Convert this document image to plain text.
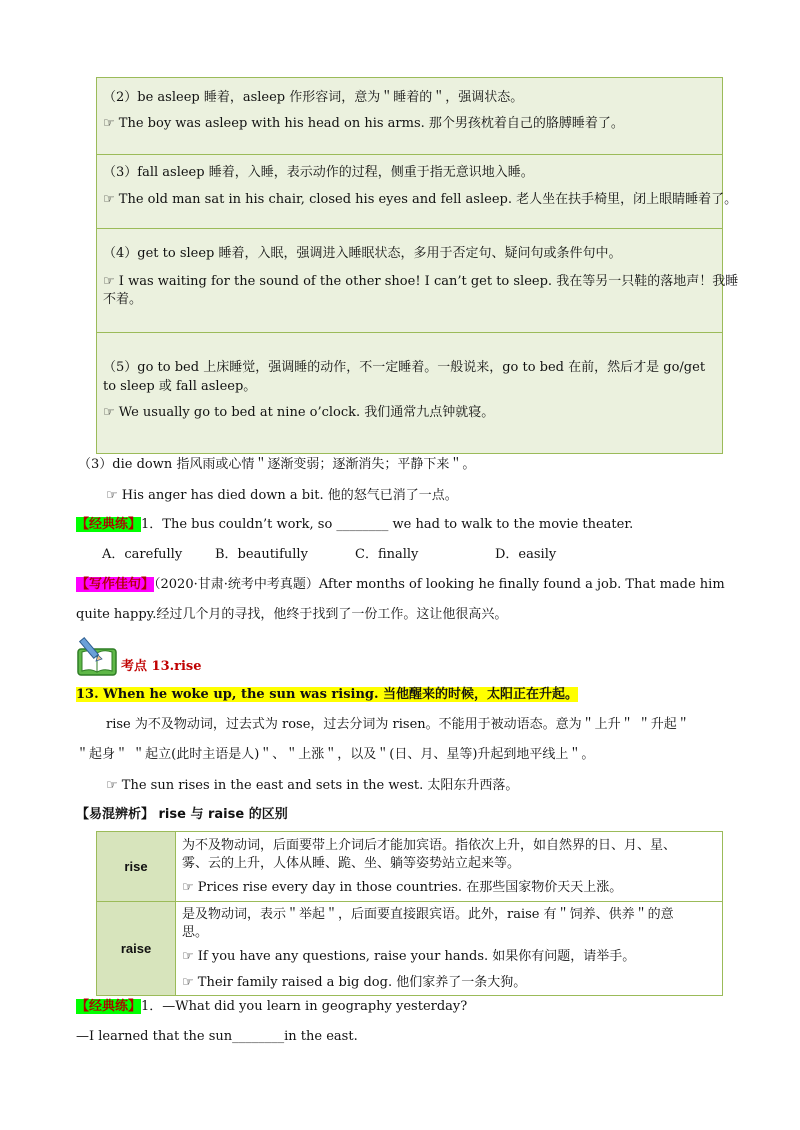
（2）be asleep 睡着，asleep 作形容词，意为＂睡着的＂，强调状态。
☞ The boy was asleep with his head on his arms. 那个男孩枕着自己的胳膊睡着了。
（3）fall asleep 睡着，入睡，表示动作的过程，侧重于指无意识地入睡。
☞ The old man sat in his chair, closed his eyes and fell asleep. 老人坐在扶手椅里，闭上眼睛睡着了。
（4）get to sleep 睡着，入眠，强调进入睡眠状态，多用于否定句、疑问句或条件句中。
☞ I was waiting for the sound of the other shoe! I can’t get to sleep. 我在等另一只鞋的落地声！我睡
不着。
（5）go to bed 上床睡觉，强调睡的动作，不一定睡着。一般说来，go to bed 在前，然后才是 go/get
to sleep 或 fall asleep。
☞ We usually go to bed at nine o’clock. 我们通常九点钟就寝。
（3）die down 指风雨或心情＂逐渐变弱；逐渐消失；平静下来＂。
☞ His anger has died down a bit. 他的怒气已消了一点。
【经典练】1．The bus couldn’t work, so ________ we had to walk to the movie theater.
A．carefully	B．beautifully	C．finally	D．easily
【写作佳句】（2020·甘肃·统考中考真题）After months of looking he finally found a job. That made him
quite happy.经过几个月的寻找，他终于找到了一份工作。这让他很高兴。
考点 13.rise
13. When he woke up, the sun was rising. 当他醒来的时候，太阳正在升起。
rise 为不及物动词，过去式为 rose，过去分词为 risen。不能用于被动语态。意为＂上升＂ ＂升起＂
＂起身＂ ＂起立(此时主语是人)＂、＂上涨＂，以及＂(日、月、星等)升起到地平线上＂。
☞ The sun rises in the east and sets in the west. 太阳东升西落。
【易混辨析】 rise 与 raise 的区别
rise	为不及物动词，后面要带上介词后才能加宾语。指依次上升，如自然界的日、月、星、
雾、云的上升，人体从睡、跪、坐、躺等姿势站立起来等。
☞ Prices rise every day in those countries. 在那些国家物价天天上涨。

raise	是及物动词，表示＂举起＂，后面要直接跟宾语。此外，raise 有＂饲养、供养＂的意
思。
☞ If you have any questions, raise your hands. 如果你有问题，请举手。
☞ Their family raised a big dog. 他们家养了一条大狗。
【经典练】1．—What did you learn in geography yesterday?
—I learned that the sun________in the east.
